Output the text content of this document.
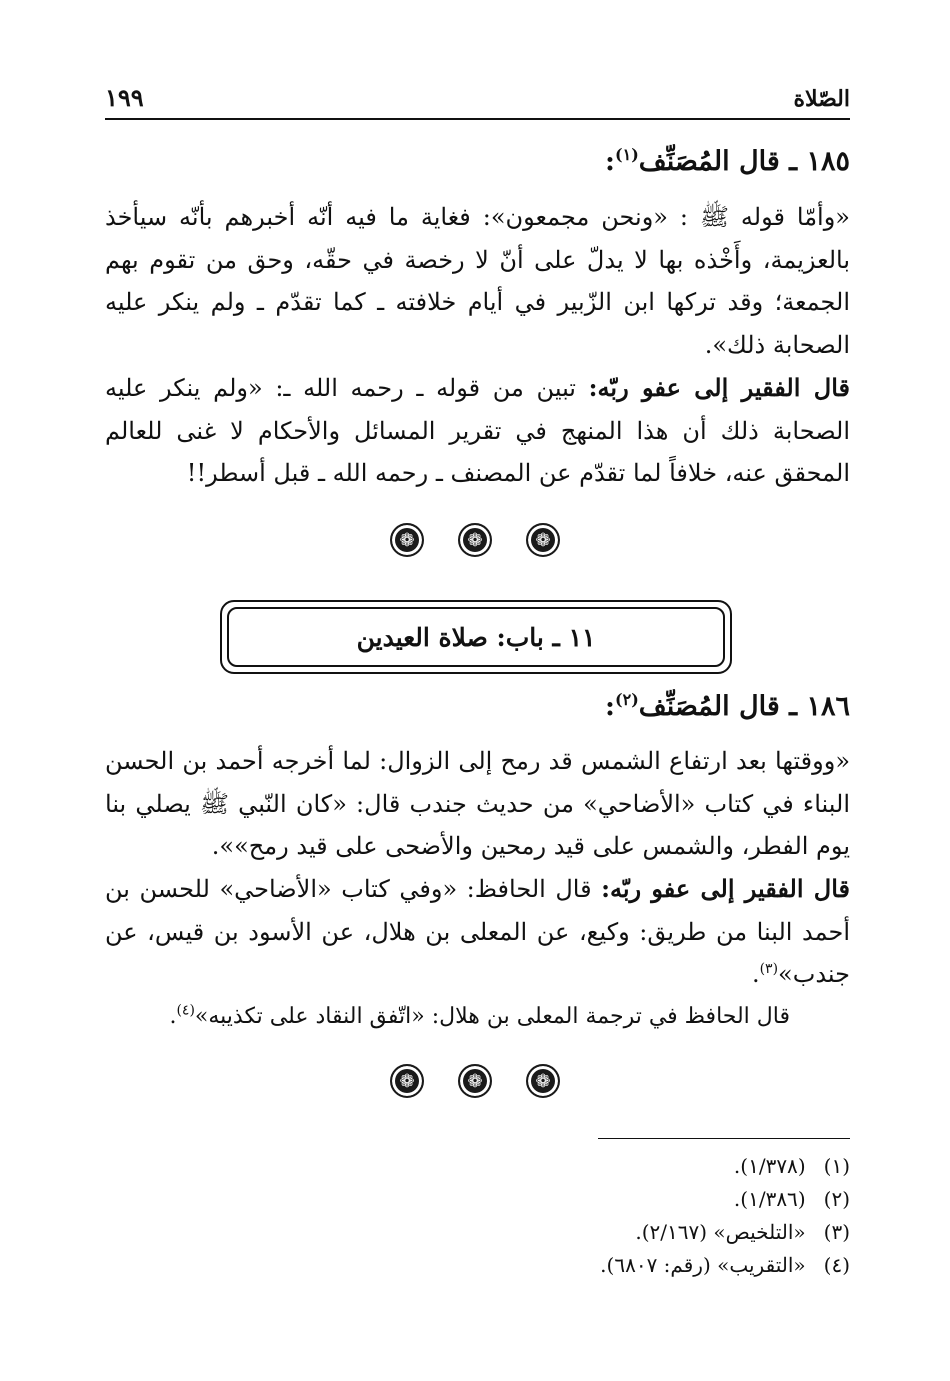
الصّلاة
١٩٩
١٨٥ ـ قال المُصَنِّف$^{(١)}$:

«وأمّا قوله ﷺ : «ونحن مجمعون»: فغاية ما فيه أنّه أخبرهم بأنّه سيأخذ بالعزيمة، وأَخْذه بها لا يدلّ على أنّ لا رخصة في حقّه، وحق من تقوم بهم الجمعة؛ وقد تركها ابن الزّبير في أيام خلافته ـ كما تقدّم ـ ولم ينكر عليه الصحابة ذلك».

قال الفقير إلى عفو ربّه: تبين من قوله ـ رحمه الله ـ: «ولم ينكر عليه الصحابة ذلك أن هذا المنهج في تقرير المسائل والأحكام لا غنى للعالم المحقق عنه، خلافاً لما تقدّم عن المصنف ـ رحمه الله ـ قبل أسطر!!

❁	❁	❁
١١ ـ باب: صلاة العيدين
١٨٦ ـ قال المُصَنِّف$^{(٢)}$:

«ووقتها بعد ارتفاع الشمس قد رمح إلى الزوال: لما أخرجه أحمد بن الحسن البناء في كتاب «الأضاحي» من حديث جندب قال: «كان النّبي ﷺ يصلي بنا يوم الفطر، والشمس على قيد رمحين والأضحى على قيد رمح»».

قال الفقير إلى عفو ربّه: قال الحافظ: «وفي كتاب «الأضاحي» للحسن بن أحمد البنا من طريق: وكيع، عن المعلى بن هلال، عن الأسود بن قيس، عن جندب»$^{(٣)}$.

قال الحافظ في ترجمة المعلى بن هلال: «اتّفق النقاد على تكذيبه»$^{(٤)}$.

❁	❁	❁
(١)
(١/٣٧٨).
(٢)
(١/٣٨٦).
(٣)
«التلخيص» (٢/١٦٧).
(٤)
«التقريب» (رقم: ٦٨٠٧).
